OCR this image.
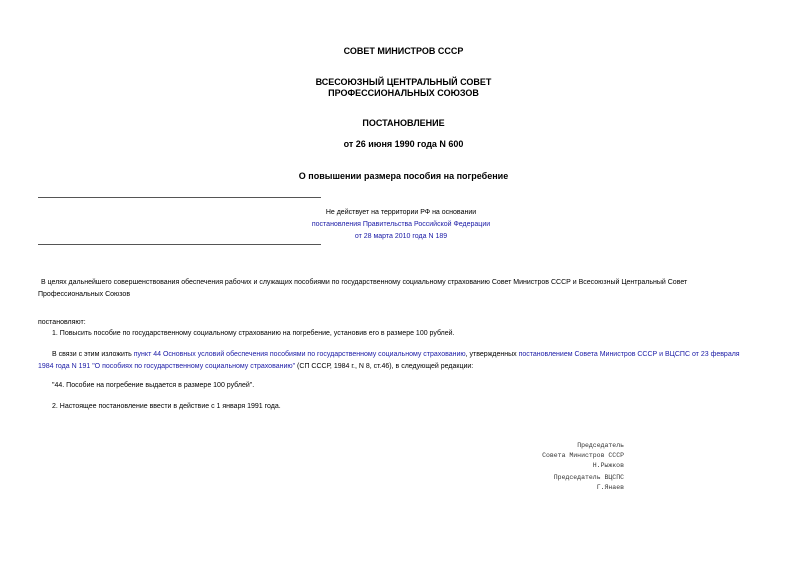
СОВЕТ МИНИСТРОВ СССР
ВСЕСОЮЗНЫЙ ЦЕНТРАЛЬНЫЙ СОВЕТ
ПРОФЕССИОНАЛЬНЫХ СОЮЗОВ
ПОСТАНОВЛЕНИЕ
от 26 июня 1990 года N 600
О повышении размера пособия на погребение
Не действует на территории РФ на основании
постановления Правительства Российской Федерации
от 28 марта 2010 года N 189
В целях дальнейшего совершенствования обеспечения рабочих и служащих пособиями по государственному социальному страхованию Совет Министров СССР и Всесоюзный Центральный Совет
Профессиональных Союзов
постановляют:
1. Повысить пособие по государственному социальному страхованию на погребение, установив его в размере 100 рублей.
В связи с этим изложить пункт 44 Основных условий обеспечения пособиями по государственному социальному страхованию, утвержденных постановлением Совета Министров СССР и ВЦСПС от 23 февраля
1984 года N 191 "О пособиях по государственному социальному страхованию" (СП СССР, 1984 г., N 8, ст.46), в следующей редакции:
"44. Пособие на погребение выдается в размере 100 рублей".
2. Настоящее постановление ввести в действие с 1 января 1991 года.
Председатель
Совета Министров СССР
Н.Рыжков
Председатель ВЦСПС
Г.Янаев
